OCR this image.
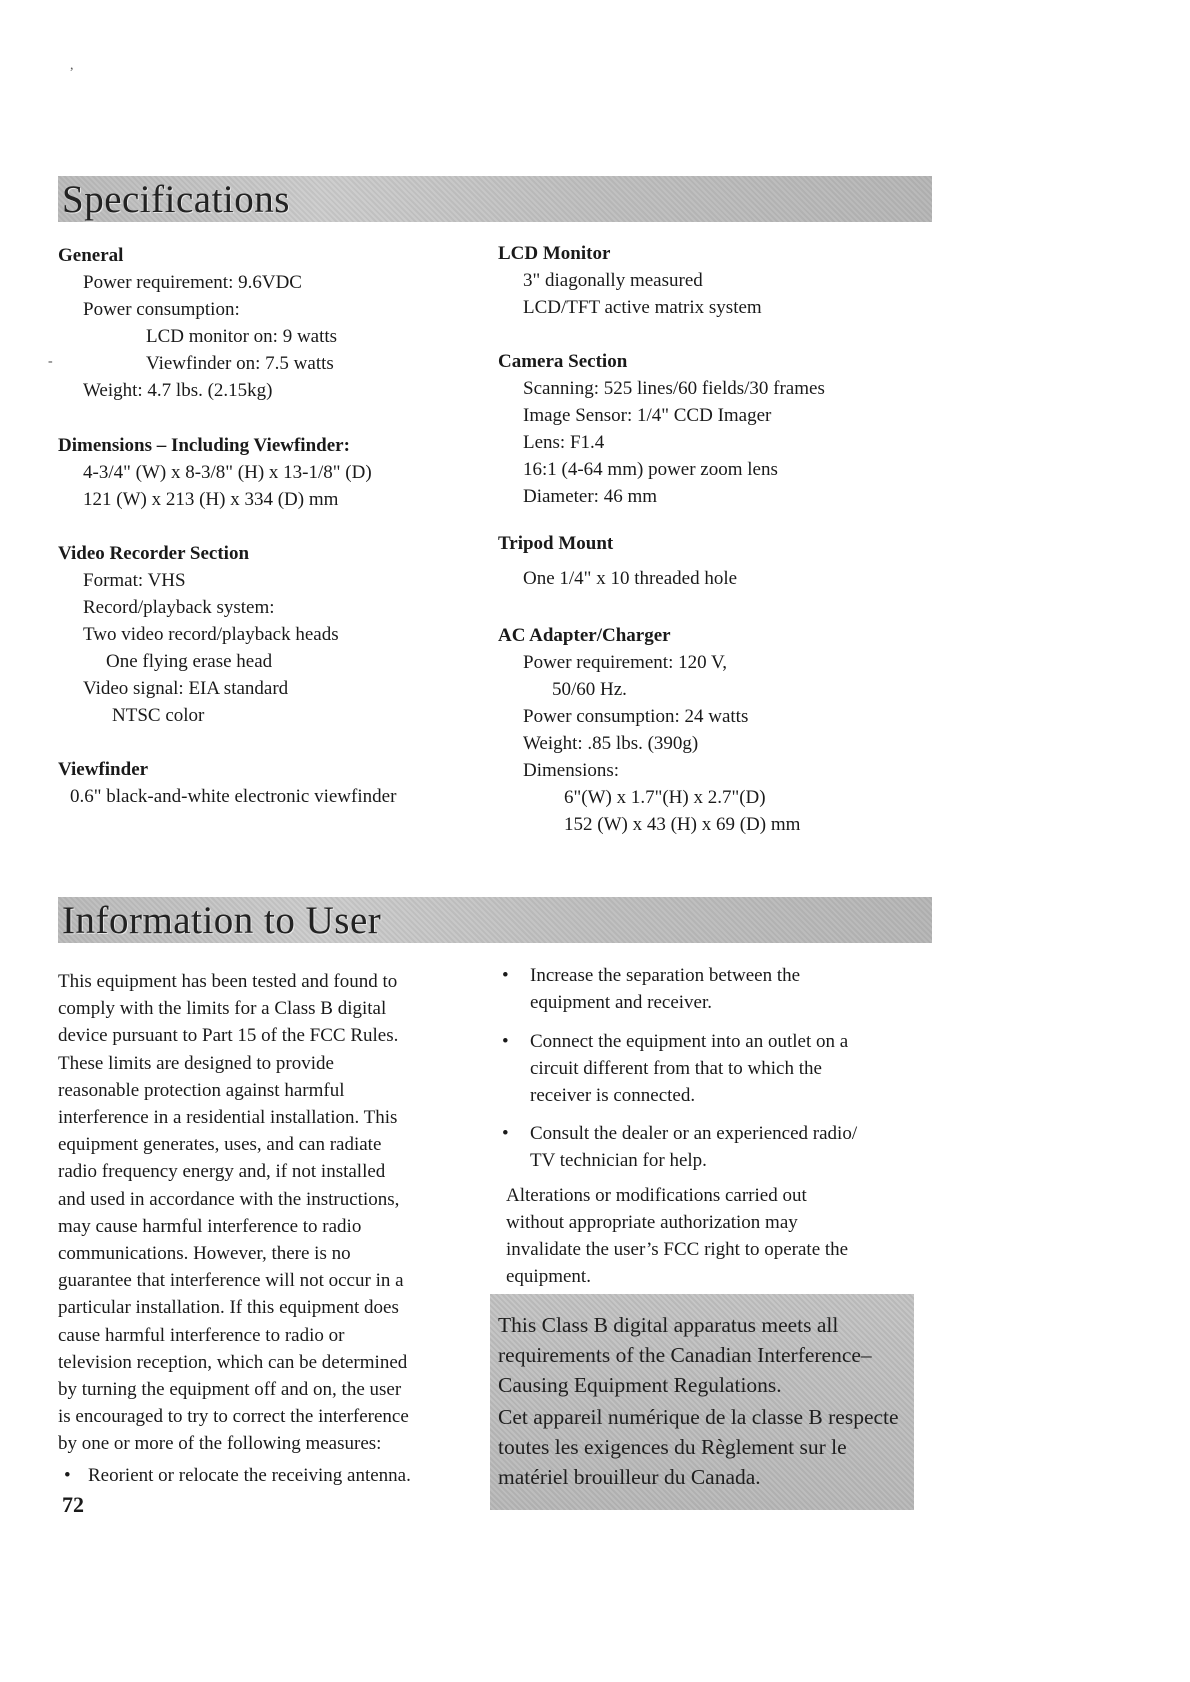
,
-
Specifications
General
Power requirement: 9.6VDC
Power consumption:
LCD monitor on: 9 watts
Viewfinder on: 7.5 watts
Weight: 4.7 lbs. (2.15kg)
Dimensions – Including Viewfinder:
4-3/4" (W) x 8-3/8" (H) x 13-1/8" (D)
121 (W) x 213 (H) x 334 (D) mm
Video Recorder Section
Format: VHS
Record/playback system:
Two video record/playback heads
One flying erase head
Video signal: EIA standard
NTSC color
Viewfinder
0.6" black-and-white electronic viewfinder
LCD Monitor
3" diagonally measured
LCD/TFT active matrix system
Camera Section
Scanning: 525 lines/60 fields/30 frames
Image Sensor: 1/4" CCD Imager
Lens: F1.4
16:1 (4-64 mm) power zoom lens
Diameter: 46 mm
Tripod Mount
One 1/4" x 10 threaded hole
AC Adapter/Charger
Power requirement: 120 V,
50/60 Hz.
Power consumption: 24 watts
Weight: .85 lbs. (390g)
Dimensions:
6"(W) x 1.7"(H) x 2.7"(D)
152 (W) x 43 (H) x 69 (D) mm
Information to User
This equipment has been tested and found to
comply with the limits for a Class B digital
device pursuant to Part 15 of the FCC Rules.
These limits are designed to provide
reasonable protection against harmful
interference in a residential installation. This
equipment generates, uses, and can radiate
radio frequency energy and, if not installed
and used in accordance with the instructions,
may cause harmful interference to radio
communications. However, there is no
guarantee that interference will not occur in a
particular installation. If this equipment does
cause harmful interference to radio or
television reception, which can be determined
by turning the equipment off and on, the user
is encouraged to try to correct the interference
by one or more of the following measures:
• Reorient or relocate the receiving antenna.
•	Increase the separation between the
equipment and receiver.
•	Connect the equipment into an outlet on a
circuit different from that to which the
receiver is connected.
•	Consult the dealer or an experienced radio/
TV technician for help.
Alterations or modifications carried out
without appropriate authorization may
invalidate the user’s FCC right to operate the
equipment.
This Class B digital apparatus meets all
requirements of the Canadian Interference–
Causing Equipment Regulations.
Cet appareil numérique de la classe B respecte
toutes les exigences du Règlement sur le
matériel brouilleur du Canada.
72
